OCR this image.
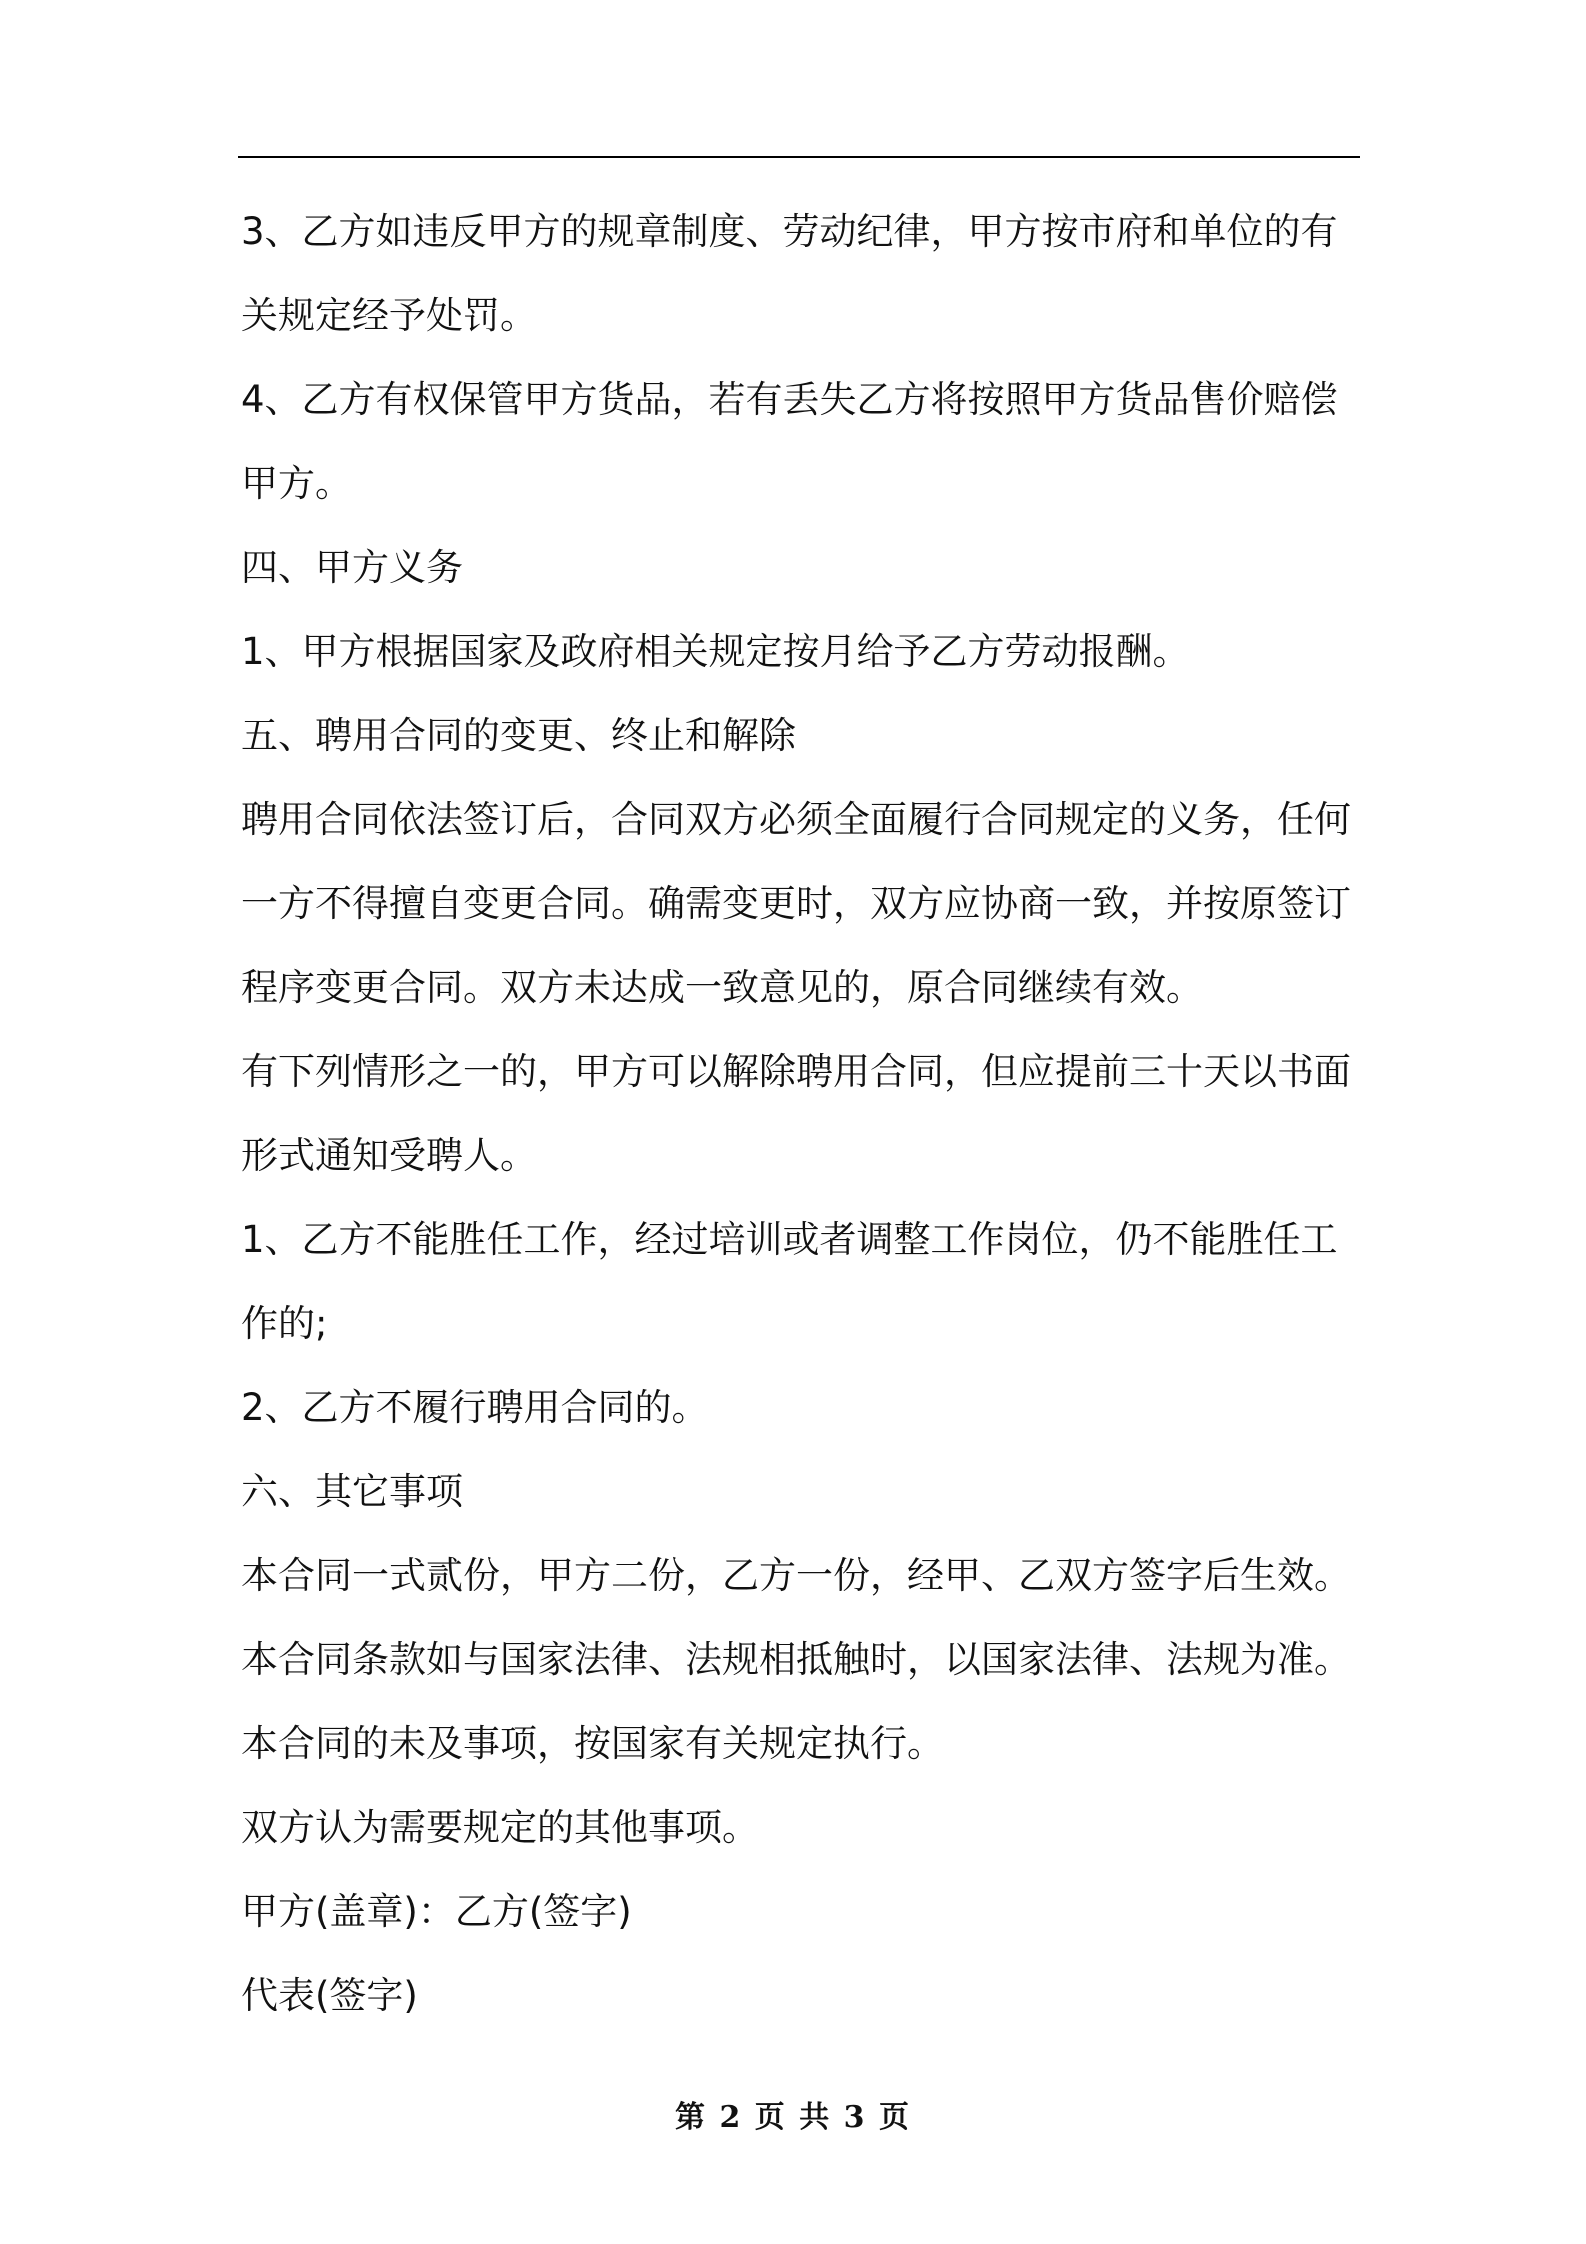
3、乙方如违反甲方的规章制度、劳动纪律，甲方按市府和单位的有关规定经予处罚。

4、乙方有权保管甲方货品，若有丢失乙方将按照甲方货品售价赔偿甲方。

四、甲方义务

1、甲方根据国家及政府相关规定按月给予乙方劳动报酬。

五、聘用合同的变更、终止和解除

聘用合同依法签订后，合同双方必须全面履行合同规定的义务，任何一方不得擅自变更合同。确需变更时，双方应协商一致，并按原签订程序变更合同。双方未达成一致意见的，原合同继续有效。

有下列情形之一的，甲方可以解除聘用合同，但应提前三十天以书面形式通知受聘人。

1、乙方不能胜任工作，经过培训或者调整工作岗位，仍不能胜任工作的;

2、乙方不履行聘用合同的。

六、其它事项

本合同一式贰份，甲方二份，乙方一份，经甲、乙双方签字后生效。

本合同条款如与国家法律、法规相抵触时，以国家法律、法规为准。

本合同的未及事项，按国家有关规定执行。

双方认为需要规定的其他事项。

甲方(盖章)：乙方(签字)

代表(签字)

第 2 页 共 3 页
